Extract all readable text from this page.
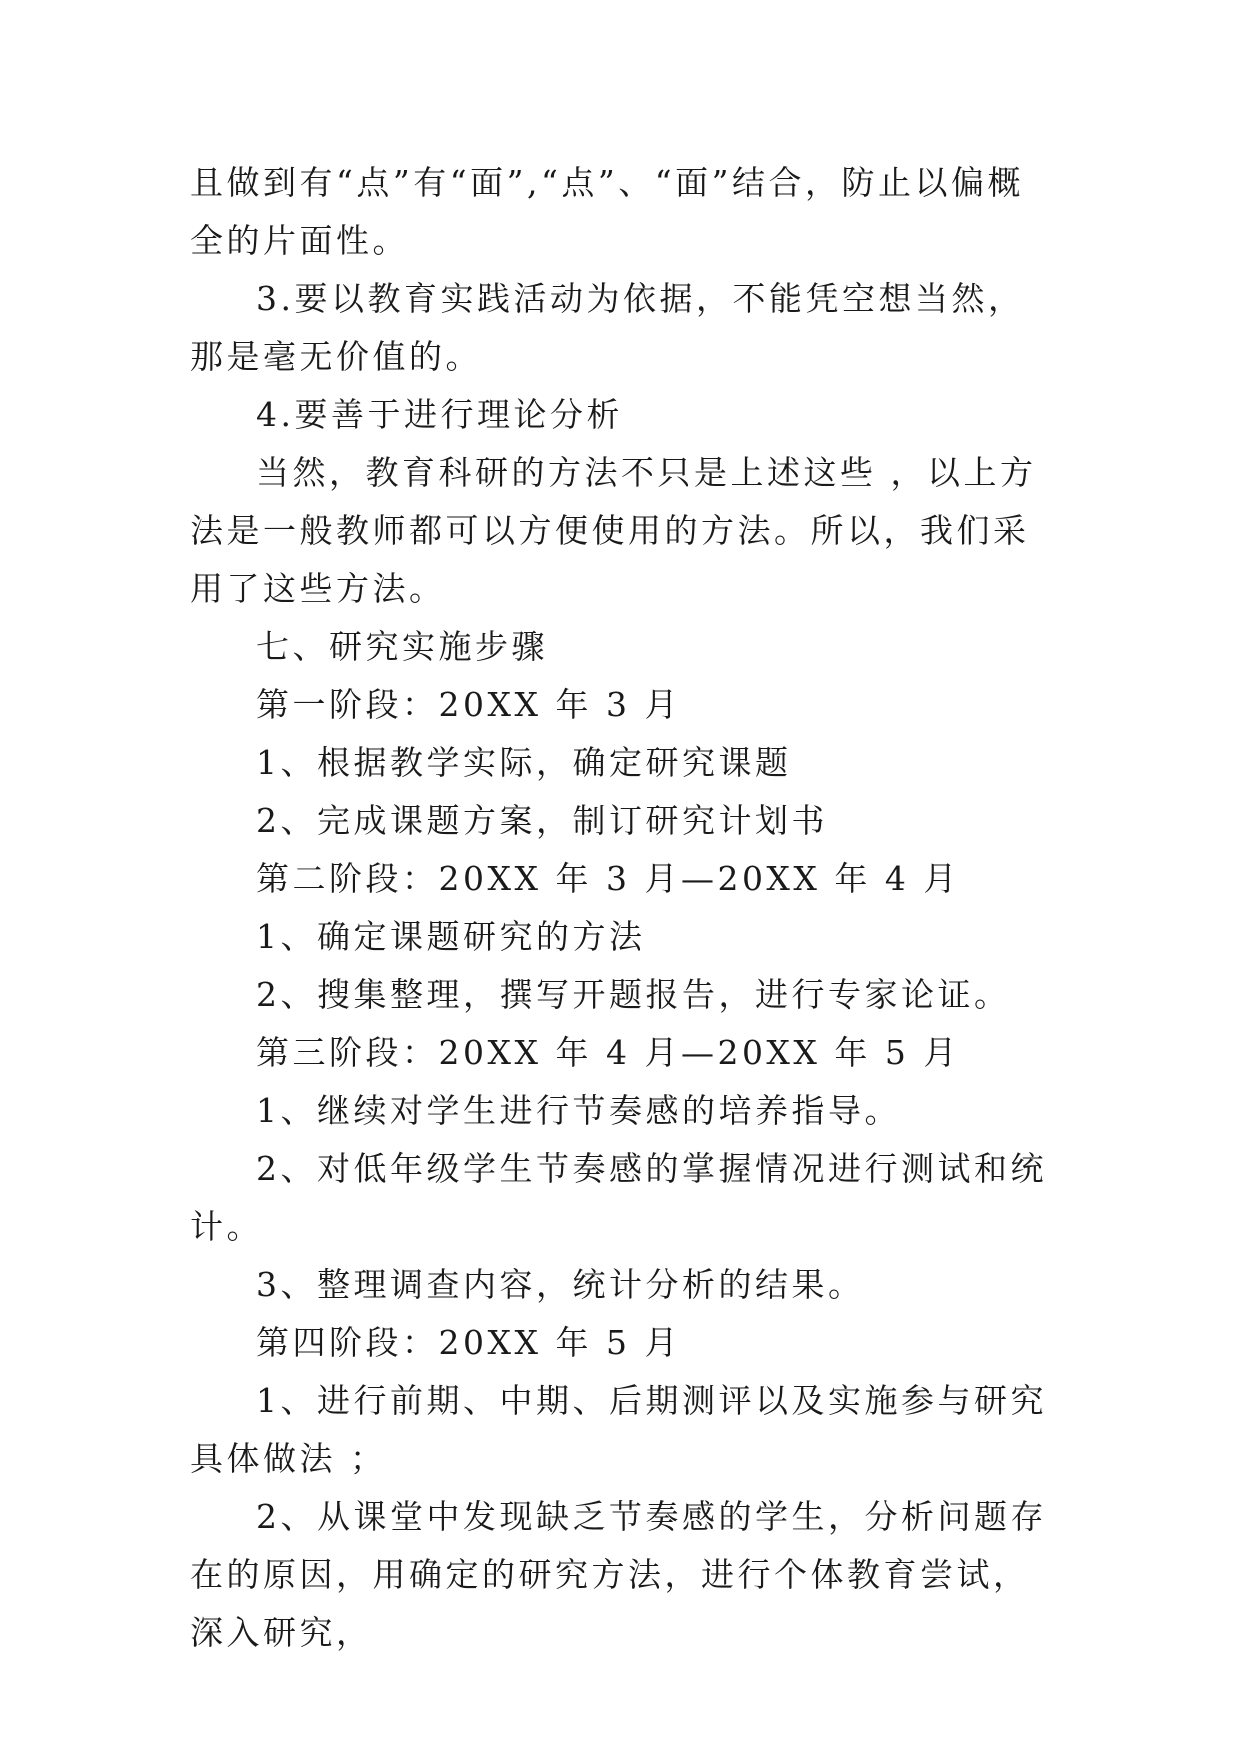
且做到有“点”有“面”,“点”、“面”结合，防止以偏概全的片面性。

3.要以教育实践活动为依据，不能凭空想当然，那是毫无价值的。

4.要善于进行理论分析

当然，教育科研的方法不只是上述这些 ，以上方法是一般教师都可以方便使用的方法。所以，我们采用了这些方法。

七、研究实施步骤

第一阶段：20XX 年 3 月

1、根据教学实际，确定研究课题

2、完成课题方案，制订研究计划书

第二阶段：20XX 年 3 月—20XX 年 4 月

1、确定课题研究的方法

2、搜集整理，撰写开题报告，进行专家论证。

第三阶段：20XX 年 4 月—20XX 年 5 月

1、继续对学生进行节奏感的培养指导。

2、对低年级学生节奏感的掌握情况进行测试和统计。

3、整理调查内容，统计分析的结果。

第四阶段：20XX 年 5 月

1、进行前期、中期、后期测评以及实施参与研究具体做法 ；

2、从课堂中发现缺乏节奏感的学生，分析问题存在的原因，用确定的研究方法，进行个体教育尝试，深入研究，
